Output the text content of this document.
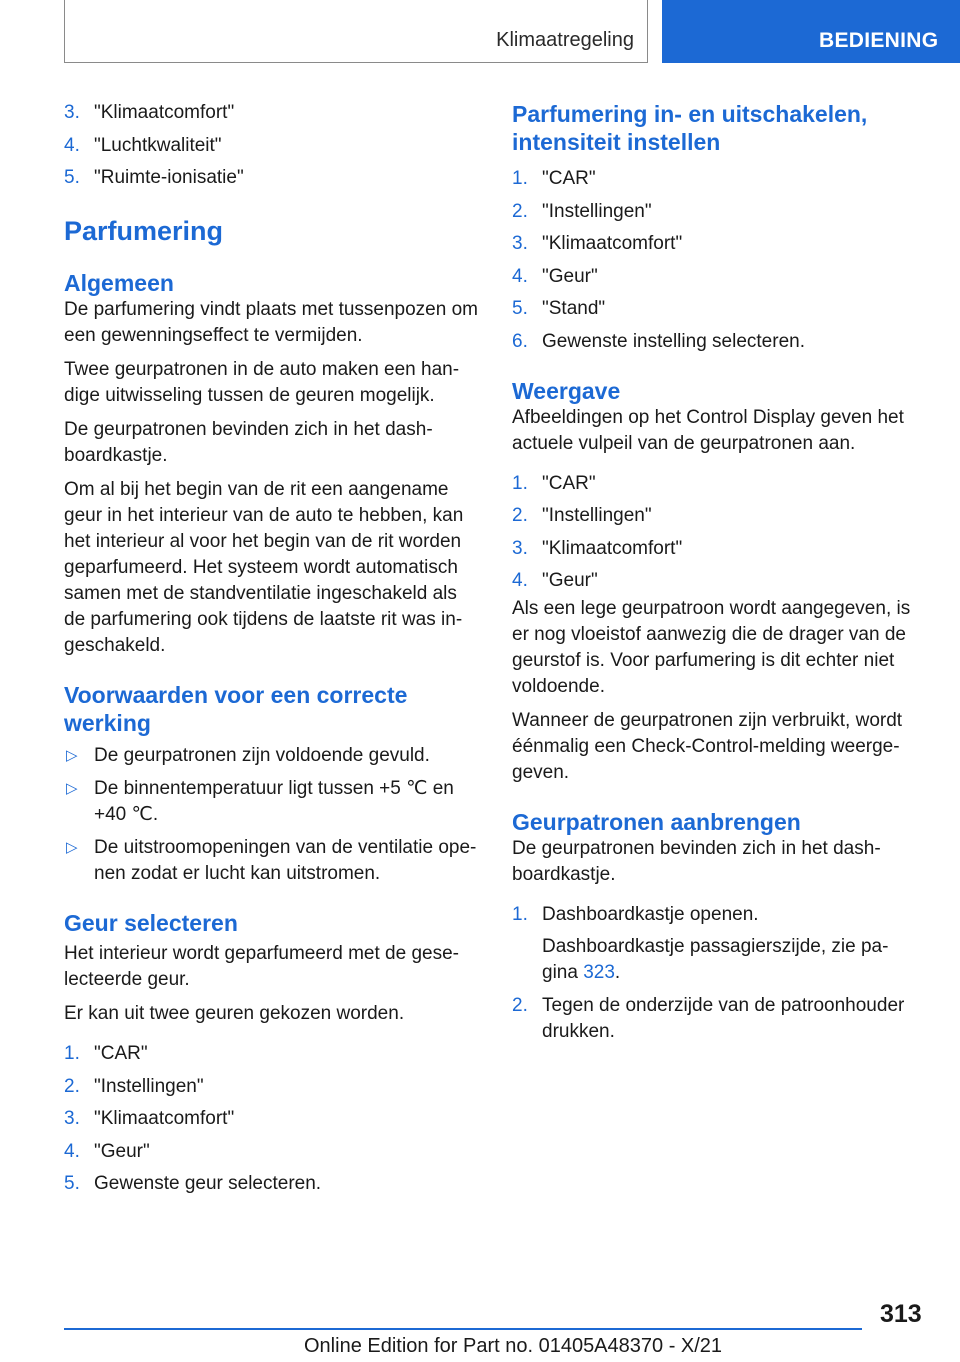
Klimaatregeling	BEDIENING
3. "Klimaatcomfort"
4. "Luchtkwaliteit"
5. "Ruimte-ionisatie"
Parfumering
Algemeen

De parfumering vindt plaats met tussenpozen om een gewenningseffect te vermijden.

Twee geurpatronen in de auto maken een handige uitwisseling tussen de geuren mogelijk.

De geurpatronen bevinden zich in het dashboardkastje.

Om al bij het begin van de rit een aangename geur in het interieur van de auto te hebben, kan het interieur al voor het begin van de rit worden geparfumeerd. Het systeem wordt automatisch samen met de standventilatie ingeschakeld als de parfumering ook tijdens de laatste rit was ingeschakeld.

Voorwaarden voor een correcte werking
▷ De geurpatronen zijn voldoende gevuld.
▷ De binnentemperatuur ligt tussen +5 ℃ en +40 ℃.
▷ De uitstroomopeningen van de ventilatie openen zodat er lucht kan uitstromen.
Geur selecteren

Het interieur wordt geparfumeerd met de geselecteerde geur.

Er kan uit twee geuren gekozen worden.

1. "CAR"
2. "Instellingen"
3. "Klimaatcomfort"
4. "Geur"
5. Gewenste geur selecteren.
Parfumering in- en uitschakelen, intensiteit instellen
1. "CAR"
2. "Instellingen"
3. "Klimaatcomfort"
4. "Geur"
5. "Stand"
6. Gewenste instelling selecteren.
Weergave

Afbeeldingen op het Control Display geven het actuele vulpeil van de geurpatronen aan.

1. "CAR"
2. "Instellingen"
3. "Klimaatcomfort"
4. "Geur"

Als een lege geurpatroon wordt aangegeven, is er nog vloeistof aanwezig die de drager van de geurstof is. Voor parfumering is dit echter niet voldoende.

Wanneer de geurpatronen zijn verbruikt, wordt éénmalig een Check-Control-melding weergegeven.

Geurpatronen aanbrengen

De geurpatronen bevinden zich in het dashboardkastje.

1. Dashboardkastje openen.
Dashboardkastje passagierszijde, zie pagina 323.
2. Tegen de onderzijde van de patroonhouder drukken.
313
Online Edition for Part no. 01405A48370 - X/21
